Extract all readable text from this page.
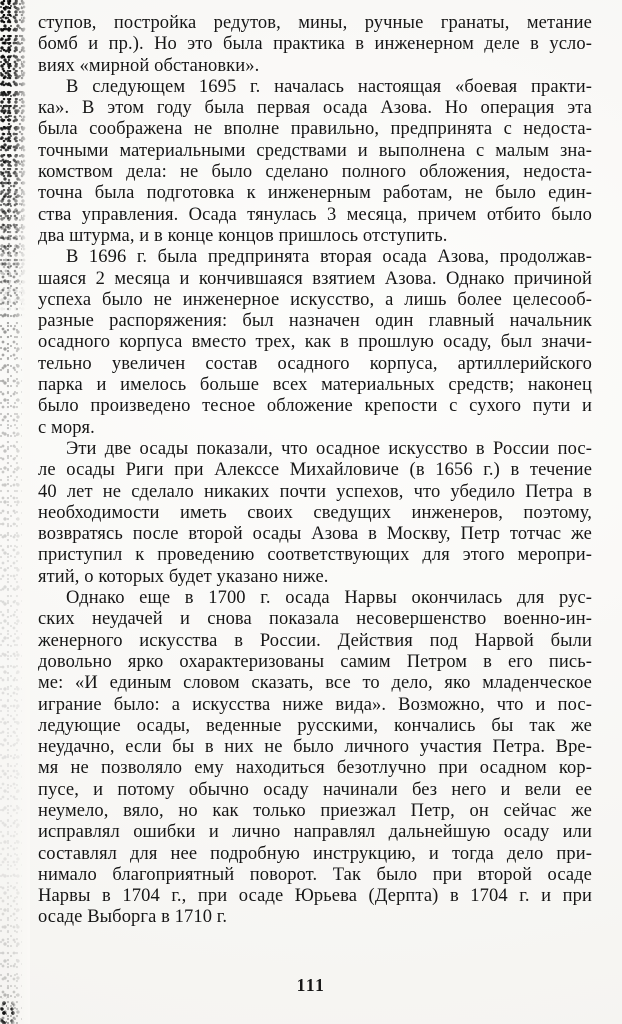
ступов, постройка редутов, мины, ручные гранаты, метание
бомб и пр.). Но это была практика в инженерном деле в усло-
виях «мирной обстановки».
В следующем 1695 г. началась настоящая «боевая практи-
ка». В этом году была первая осада Азова. Но операция эта
была соображена не вполне правильно, предпринята с недоста-
точными материальными средствами и выполнена с малым зна-
комством дела: не было сделано полного обложения, недоста-
точна была подготовка к инженерным работам, не было един-
ства управления. Осада тянулась 3 месяца, причем отбито было
два штурма, и в конце концов пришлось отступить.
В 1696 г. была предпринята вторая осада Азова, продолжав-
шаяся 2 месяца и кончившаяся взятием Азова. Однако причиной
успеха было не инженерное искусство, а лишь более целесооб-
разные распоряжения: был назначен один главный начальник
осадного корпуса вместо трех, как в прошлую осаду, был значи-
тельно увеличен состав осадного корпуса, артиллерийского
парка и имелось больше всех материальных средств; наконец
было произведено тесное обложение крепости с сухого пути и
с моря.
Эти две осады показали, что осадное искусство в России пос-
ле осады Риги при Алекссе Михайловиче (в 1656 г.) в течение
40 лет не сделало никаких почти успехов, что убедило Петра в
необходимости иметь своих сведущих инженеров, поэтому,
возвратясь после второй осады Азова в Москву, Петр тотчас же
приступил к проведению соответствующих для этого меропри-
ятий, о которых будет указано ниже.
Однако еще в 1700 г. осада Нарвы окончилась для рус-
ских неудачей и снова показала несовершенство военно-ин-
женерного искусства в России. Действия под Нарвой были
довольно ярко охарактеризованы самим Петром в его пись-
ме: «И единым словом сказать, все то дело, яко младенческое
играние было: а искусства ниже вида». Возможно, что и пос-
ледующие осады, веденные русскими, кончались бы так же
неудачно, если бы в них не было личного участия Петра. Вре-
мя не позволяло ему находиться безотлучно при осадном кор-
пусе, и потому обычно осаду начинали без него и вели ее
неумело, вяло, но как только приезжал Петр, он сейчас же
исправлял ошибки и лично направлял дальнейшую осаду или
составлял для нее подробную инструкцию, и тогда дело при-
нимало благоприятный поворот. Так было при второй осаде
Нарвы в 1704 г., при осаде Юрьева (Дерпта) в 1704 г. и при
осаде Выборга в 1710 г.
111
